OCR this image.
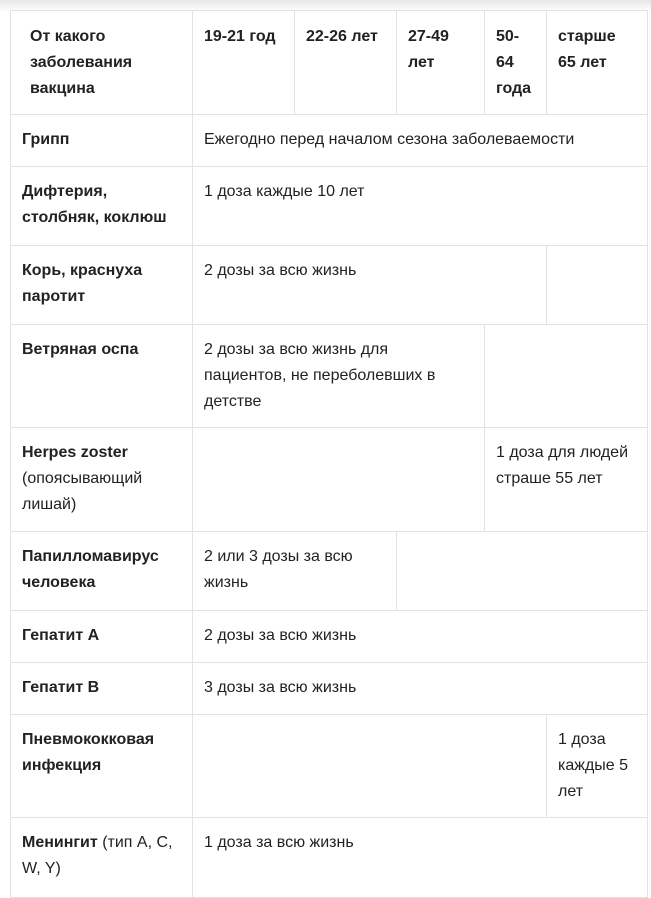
От какого заболевания вакцина	19-21 год	22-26 лет	27-49 лет	50-64 года	старше 65 лет
Грипп	Ежегодно перед началом сезона заболеваемости				
Дифтерия, столбняк, коклюш	1 доза каждые 10 лет				
Корь, краснуха паротит	2 дозы за всю жизнь				
Ветряная оспа	2 дозы за всю жизнь для пациентов, не переболевших в детстве				
Herpes zoster
(опоясывающий лишай)				1 доза для людей страше 55 лет	
Папилломавирус человека	2 или 3 дозы за всю жизнь				
Гепатит А	2 дозы за всю жизнь				
Гепатит В	3 дозы за всю жизнь				
Пневмококковая инфекция					1 доза каждые 5 лет
Менингит (тип А, С, W, Y)	1 доза за всю жизнь				
